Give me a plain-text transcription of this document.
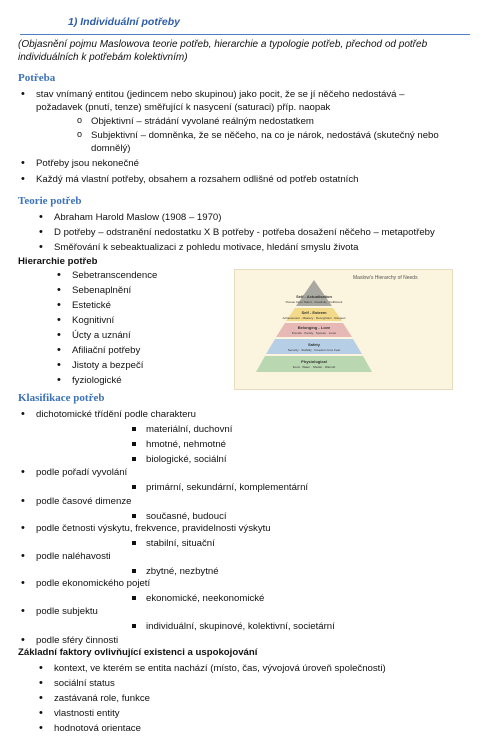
1) Individuální potřeby
(Objasnění pojmu Maslowova teorie potřeb, hierarchie a typologie potřeb, přechod od potřeb individuálních k potřebám kolektivním)
Potřeba
• stav vnímaný entitou (jedincem nebo skupinou) jako pocit, že se jí něčeho nedostává –
požadavek (pnutí, tenze) směřující k nasycení (saturaci) příp. naopak
o Objektivní – strádání vyvolané reálným nedostatkem
o Subjektivní – domněnka, že se něčeho, na co je nárok, nedostává (skutečný nebo
domnělý)
• Potřeby jsou nekonečné
• Každý má vlastní potřeby, obsahem a rozsahem odlišné od potřeb ostatních
Teorie potřeb
• Abraham Harold Maslow (1908 – 1970)
• D potřeby – odstranění nedostatku X B potřeby - potřeba dosažení něčeho – metapotřeby
• Směřování k sebeaktualizaci z pohledu motivace, hledání smyslu života
Hierarchie potřeb
• Sebetranscendence
• Sebenaplnění
• Estetické
• Kognitivní
• Úcty a uznání
• Afiliační potřeby
• Jistoty a bezpečí
• fyziologické
Maslow's Hierarchy of Needs
Self - Actualisation
Pursue Inner Talent · Creativity · Fulfilment
Self - Esteem
Achievement · Mastery · Recognition · Respect
Belonging - Love
Friends · Family · Spouse · Lover
Safety
Security · Stability · Freedom from Fear
Physiological
Food · Water · Shelter · Warmth
Klasifikace potřeb
• dichotomické třídění podle charakteru
materiální, duchovní
hmotné, nehmotné
biologické, sociální
• podle pořadí vyvolání
primární, sekundární, komplementární
• podle časové dimenze
současné, budoucí
• podle četnosti výskytu, frekvence, pravidelnosti výskytu
stabilní, situační
• podle naléhavosti
zbytné, nezbytné
• podle ekonomického pojetí
ekonomické, neekonomické
• podle subjektu
individuální, skupinové, kolektivní, societární
• podle sféry činnosti
Základní faktory ovlivňující existenci a uspokojování
• kontext, ve kterém se entita nachází (místo, čas, vývojová úroveň společnosti)
• sociální status
• zastávaná role, funkce
• vlastnosti entity
• hodnotová orientace
